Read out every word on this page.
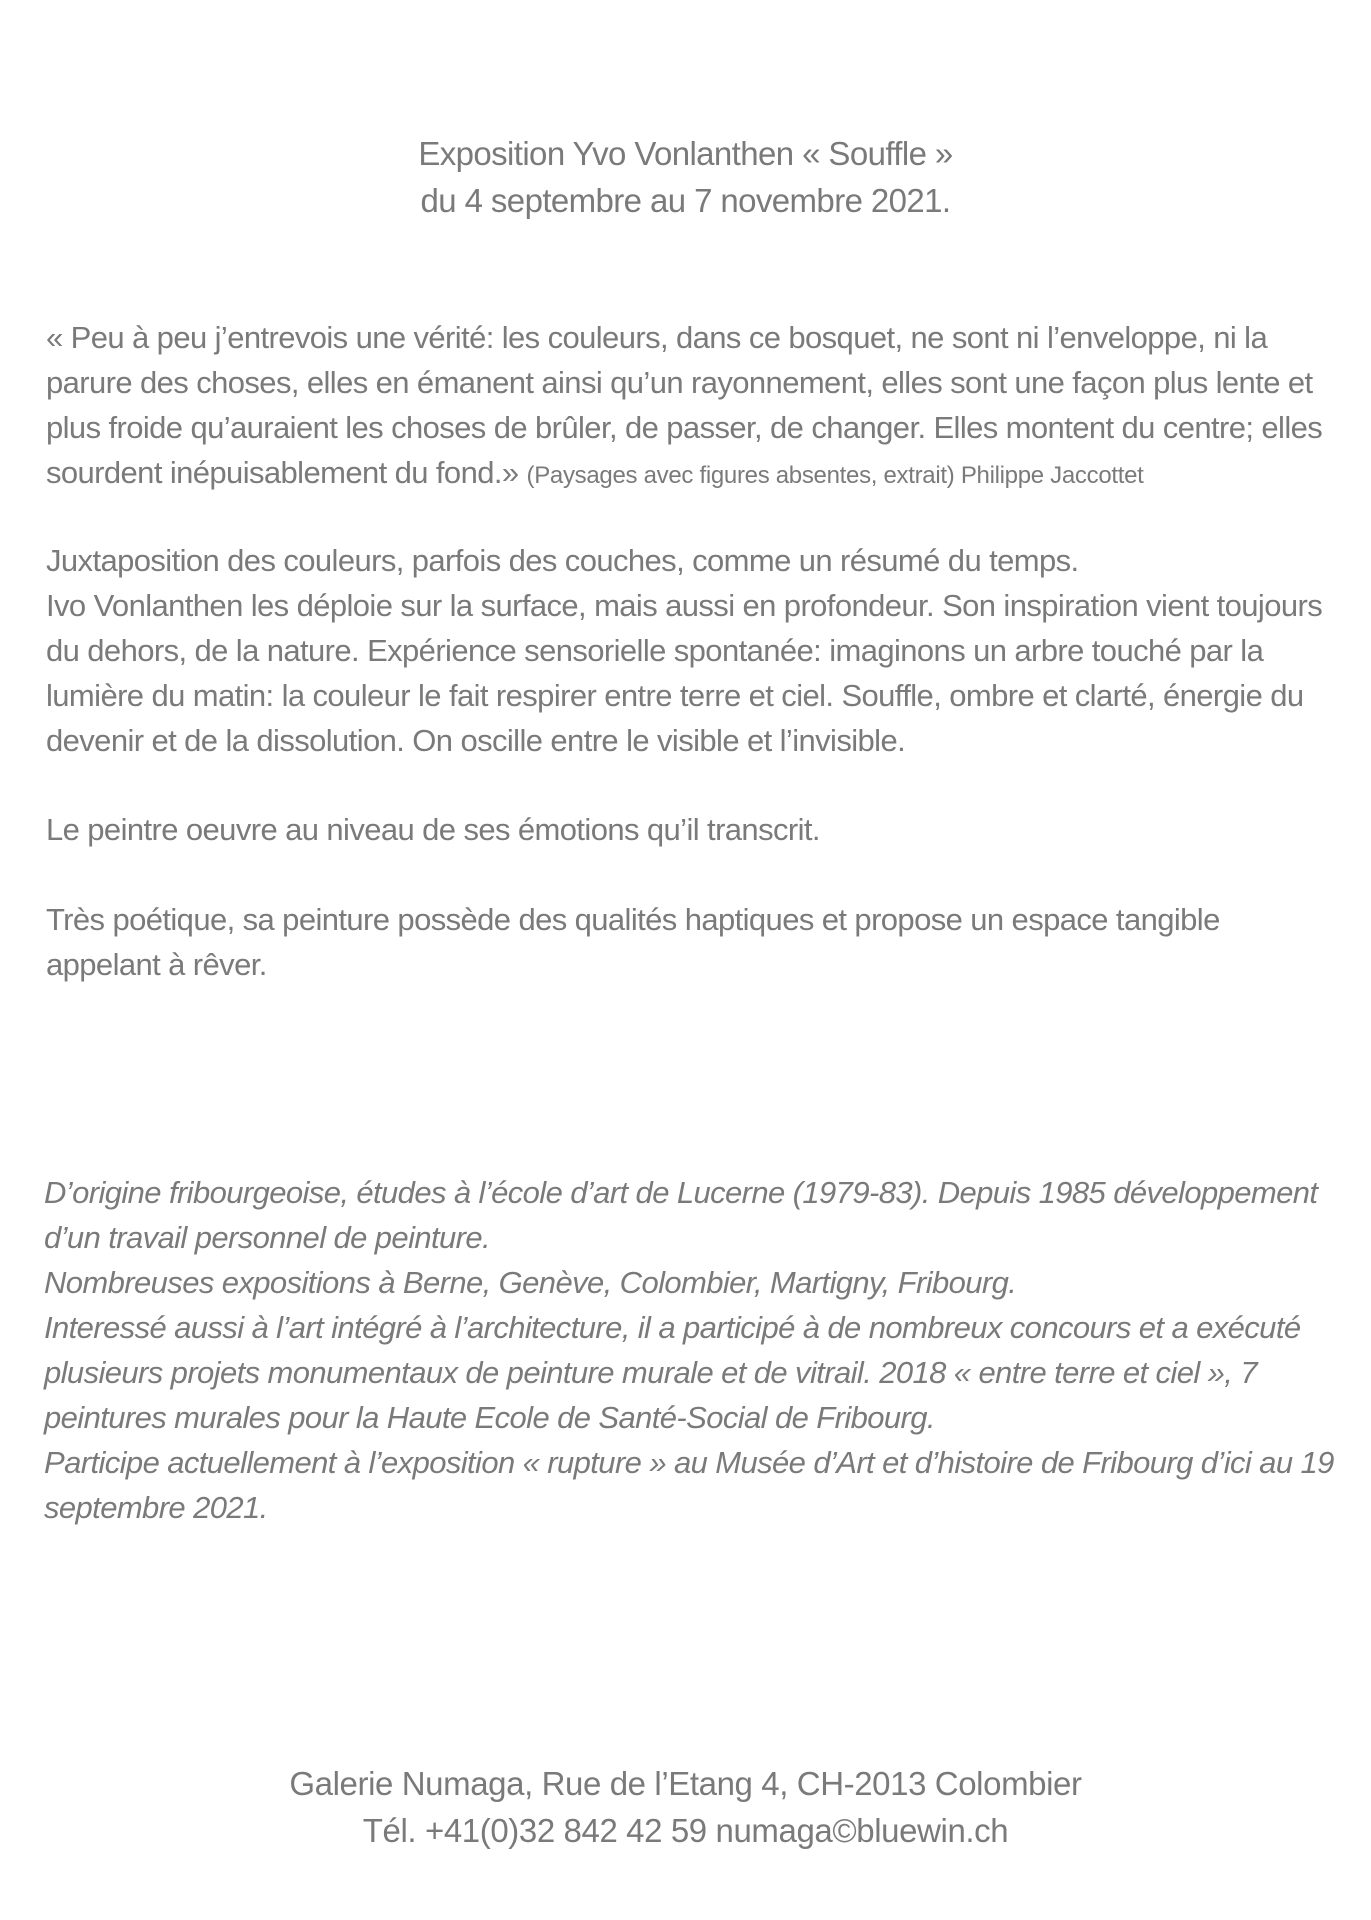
Exposition Yvo Vonlanthen « Souffle »
du 4 septembre au 7 novembre 2021.

« Peu à peu j’entrevois une vérité: les couleurs, dans ce bosquet, ne sont ni l’enveloppe, ni la parure des choses, elles en émanent ainsi qu’un rayonnement, elles sont une façon plus lente et plus froide qu’auraient les choses de brûler, de passer, de changer. Elles montent du centre; elles sourdent inépuisablement du fond.» (Paysages avec figures absentes, extrait) Philippe Jaccottet

Juxtaposition des couleurs, parfois des couches, comme un résumé du temps.

Ivo Vonlanthen les déploie sur la surface, mais aussi en profondeur. Son inspiration vient toujours du dehors, de la nature. Expérience sensorielle spontanée: imaginons un arbre touché par la lumière du matin: la couleur le fait respirer entre terre et ciel. Souffle, ombre et clarté, énergie du devenir et de la dissolution. On oscille entre le visible et l’invisible.

Le peintre oeuvre au niveau de ses émotions qu’il transcrit.

Très poétique, sa peinture possède des qualités haptiques et propose un espace tangible appelant à rêver.

D’origine fribourgeoise, études à l’école d’art de Lucerne (1979-83). Depuis 1985 développement d’un travail personnel de peinture.

Nombreuses expositions à Berne, Genève, Colombier, Martigny, Fribourg.

Interessé aussi à l’art intégré à l’architecture, il a participé à de nombreux concours et a exécuté plusieurs projets monumentaux de peinture murale et de vitrail. 2018 « entre terre et ciel », 7 peintures murales pour la Haute Ecole de Santé-Social de Fribourg.

Participe actuellement à l’exposition « rupture » au Musée d’Art et d’histoire de Fribourg d’ici au 19 septembre 2021.

Galerie Numaga, Rue de l’Etang 4, CH-2013 Colombier
Tél. +41(0)32 842 42 59 numaga©bluewin.ch
